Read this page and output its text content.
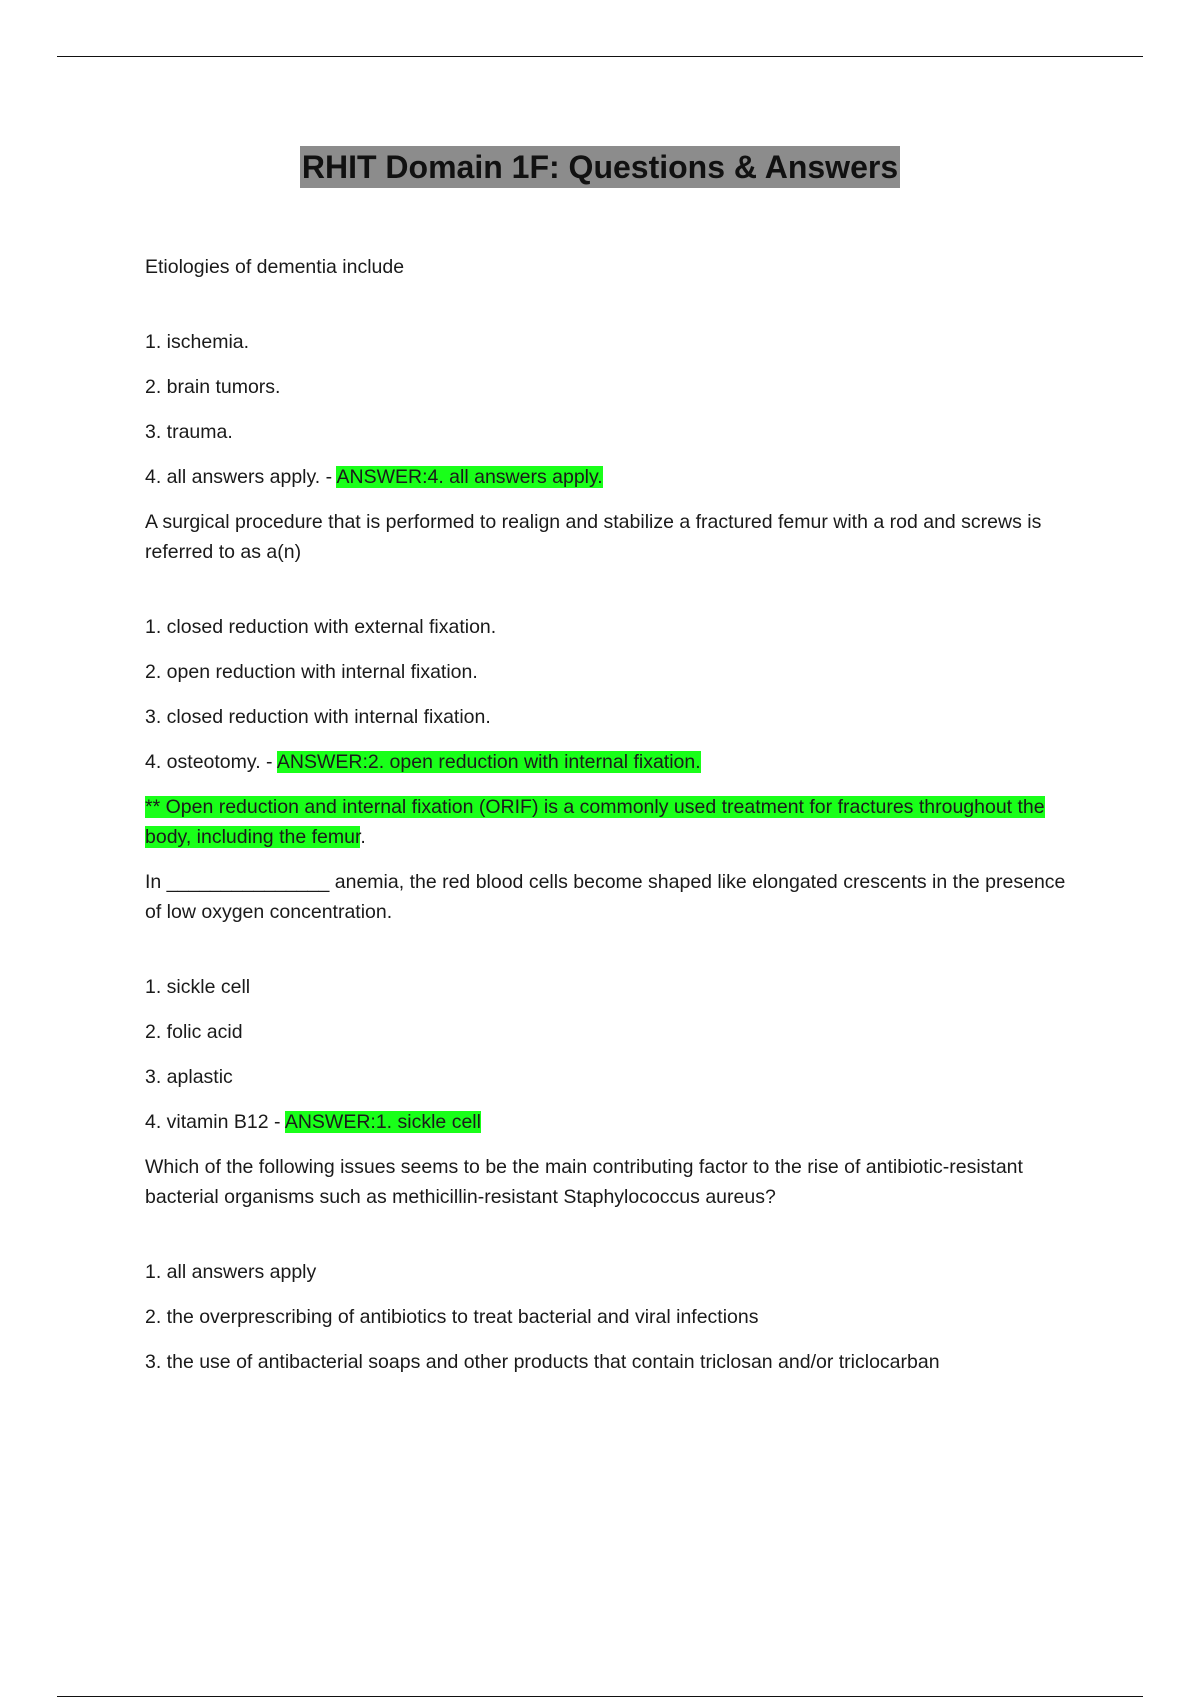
RHIT Domain 1F: Questions & Answers

Etiologies of dementia include

1. ischemia.

2. brain tumors.

3. trauma.

4. all answers apply. - ANSWER:4. all answers apply.

A surgical procedure that is performed to realign and stabilize a fractured femur with a rod and screws is referred to as a(n)

1. closed reduction with external fixation.

2. open reduction with internal fixation.

3. closed reduction with internal fixation.

4. osteotomy. - ANSWER:2. open reduction with internal fixation.

** Open reduction and internal fixation (ORIF) is a commonly used treatment for fractures throughout the body, including the femur.

In _______________ anemia, the red blood cells become shaped like elongated crescents in the presence of low oxygen concentration.

1. sickle cell

2. folic acid

3. aplastic

4. vitamin B12 - ANSWER:1. sickle cell

Which of the following issues seems to be the main contributing factor to the rise of antibiotic-resistant bacterial organisms such as methicillin-resistant Staphylococcus aureus?

1. all answers apply

2. the overprescribing of antibiotics to treat bacterial and viral infections

3. the use of antibacterial soaps and other products that contain triclosan and/or triclocarban
